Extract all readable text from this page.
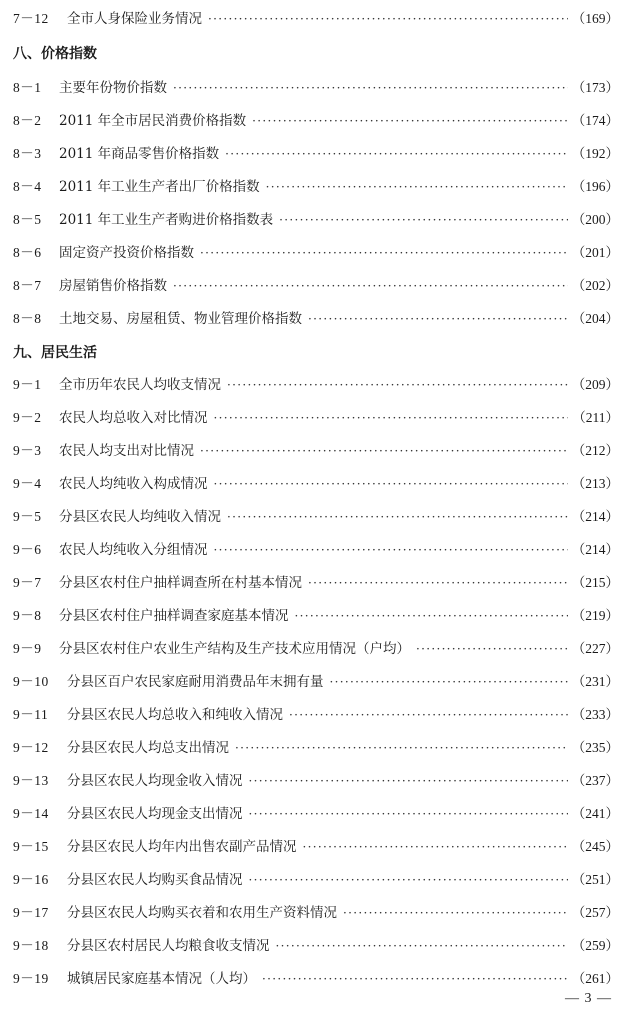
7－12	全市人身保险业务情况 ·····	（169）
八、价格指数
8－1	主要年份物价指数 ·····	（173）
8－2	2011 年全市居民消费价格指数 ·····	（174）
8－3	2011 年商品零售价格指数 ·····	（192）
8－4	2011 年工业生产者出厂价格指数 ·····	（196）
8－5	2011 年工业生产者购进价格指数表 ·····	（200）
8－6	固定资产投资价格指数 ·····	（201）
8－7	房屋销售价格指数 ·····	（202）
8－8	土地交易、房屋租赁、物业管理价格指数 ·····	（204）
九、居民生活
9－1	全市历年农民人均收支情况 ·····	（209）
9－2	农民人均总收入对比情况 ·····	（211）
9－3	农民人均支出对比情况 ·····	（212）
9－4	农民人均纯收入构成情况 ·····	（213）
9－5	分县区农民人均纯收入情况 ·····	（214）
9－6	农民人均纯收入分组情况 ·····	（214）
9－7	分县区农村住户抽样调查所在村基本情况 ·····	（215）
9－8	分县区农村住户抽样调查家庭基本情况 ·····	（219）
9－9	分县区农村住户农业生产结构及生产技术应用情况（户均） ·····	（227）
9－10	分县区百户农民家庭耐用消费品年末拥有量 ·····	（231）
9－11	分县区农民人均总收入和纯收入情况 ·····	（233）
9－12	分县区农民人均总支出情况 ·····	（235）
9－13	分县区农民人均现金收入情况 ·····	（237）
9－14	分县区农民人均现金支出情况 ·····	（241）
9－15	分县区农民人均年内出售农副产品情况 ·····	（245）
9－16	分县区农民人均购买食品情况 ·····	（251）
9－17	分县区农民人均购买衣着和农用生产资料情况 ·····	（257）
9－18	分县区农村居民人均粮食收支情况 ·····	（259）
9－19	城镇居民家庭基本情况（人均） ·····	（261）
— 3 —
